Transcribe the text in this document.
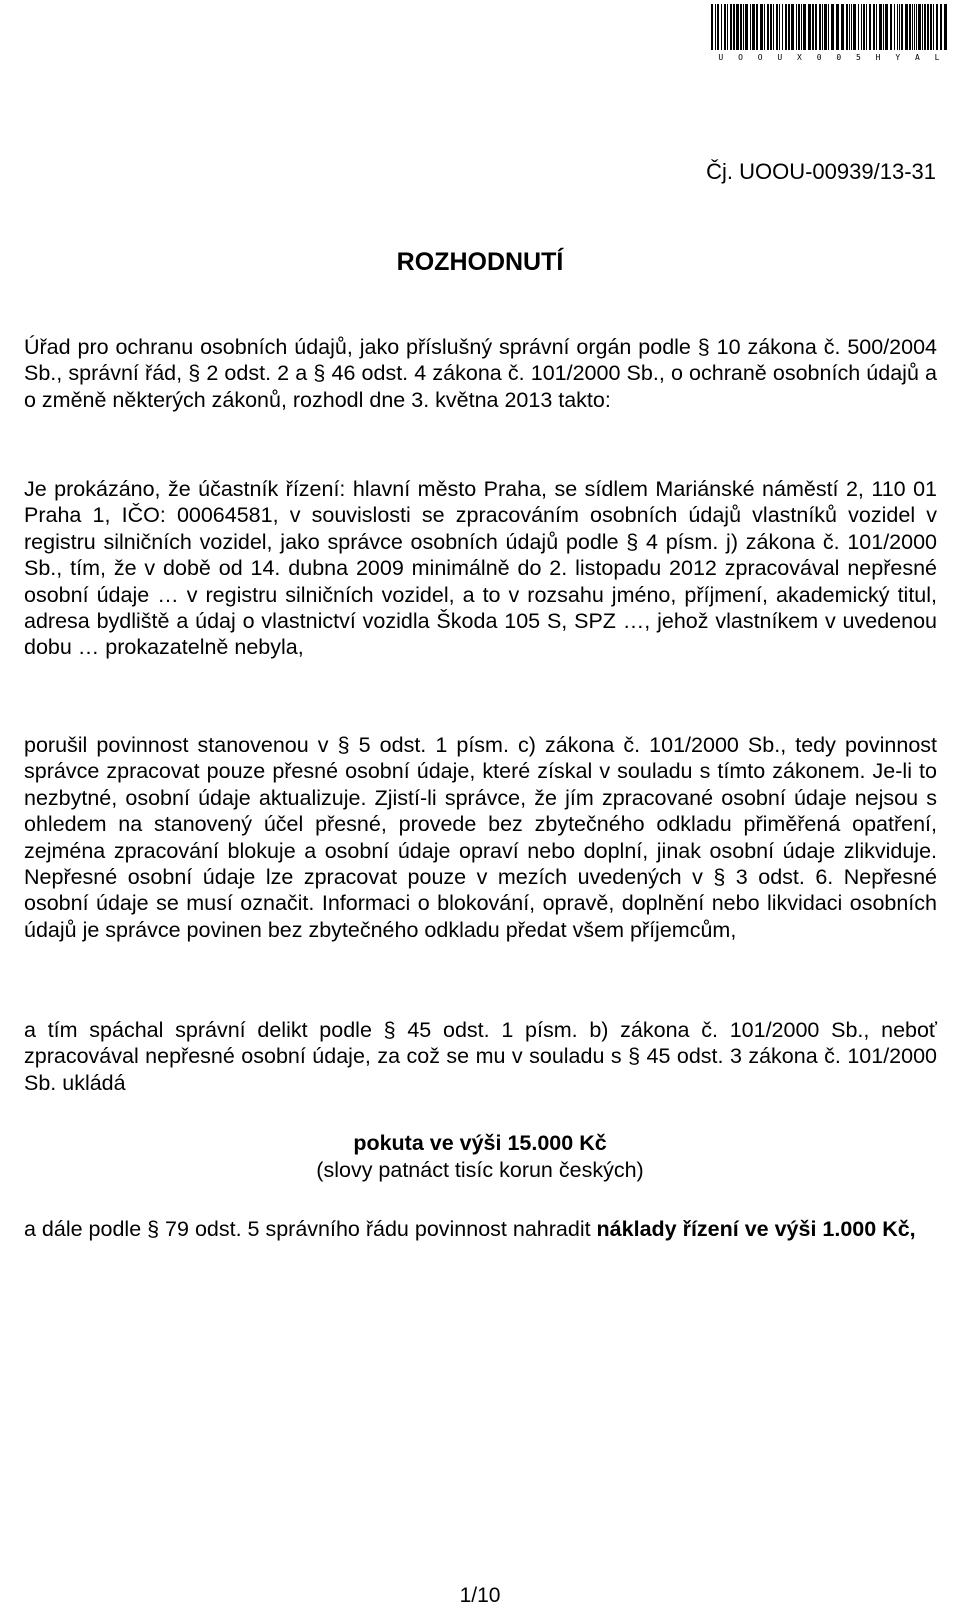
U O O U X 0 0 5 H Y A L
Čj. UOOU-00939/13-31
ROZHODNUTÍ

Úřad pro ochranu osobních údajů, jako příslušný správní orgán podle § 10 zákona č. 500/2004 Sb., správní řád, § 2 odst. 2 a § 46 odst. 4 zákona č. 101/2000 Sb., o ochraně osobních údajů a o změně některých zákonů, rozhodl dne 3. května 2013 takto:

Je prokázáno, že účastník řízení: hlavní město Praha, se sídlem Mariánské náměstí 2, 110 01 Praha 1, IČO: 00064581, v souvislosti se zpracováním osobních údajů vlastníků vozidel v registru silničních vozidel, jako správce osobních údajů podle § 4 písm. j) zákona č. 101/2000 Sb., tím, že v době od 14. dubna 2009 minimálně do 2. listopadu 2012 zpracovával nepřesné osobní údaje … v registru silničních vozidel, a to v rozsahu jméno, příjmení, akademický titul, adresa bydliště a údaj o vlastnictví vozidla Škoda 105 S, SPZ …, jehož vlastníkem v uvedenou dobu … prokazatelně nebyla,

porušil povinnost stanovenou v § 5 odst. 1 písm. c) zákona č. 101/2000 Sb., tedy povinnost správce zpracovat pouze přesné osobní údaje, které získal v souladu s tímto zákonem. Je-li to nezbytné, osobní údaje aktualizuje. Zjistí-li správce, že jím zpracované osobní údaje nejsou s ohledem na stanovený účel přesné, provede bez zbytečného odkladu přiměřená opatření, zejména zpracování blokuje a osobní údaje opraví nebo doplní, jinak osobní údaje zlikviduje. Nepřesné osobní údaje lze zpracovat pouze v mezích uvedených v § 3 odst. 6. Nepřesné osobní údaje se musí označit. Informaci o blokování, opravě, doplnění nebo likvidaci osobních údajů je správce povinen bez zbytečného odkladu předat všem příjemcům,

a tím spáchal správní delikt podle § 45 odst. 1 písm. b) zákona č. 101/2000 Sb., neboť zpracovával nepřesné osobní údaje, za což se mu v souladu s § 45 odst. 3 zákona č. 101/2000 Sb. ukládá

pokuta ve výši 15.000 Kč
(slovy patnáct tisíc korun českých)

a dále podle § 79 odst. 5 správního řádu povinnost nahradit náklady řízení ve výši 1.000 Kč,

1/10
